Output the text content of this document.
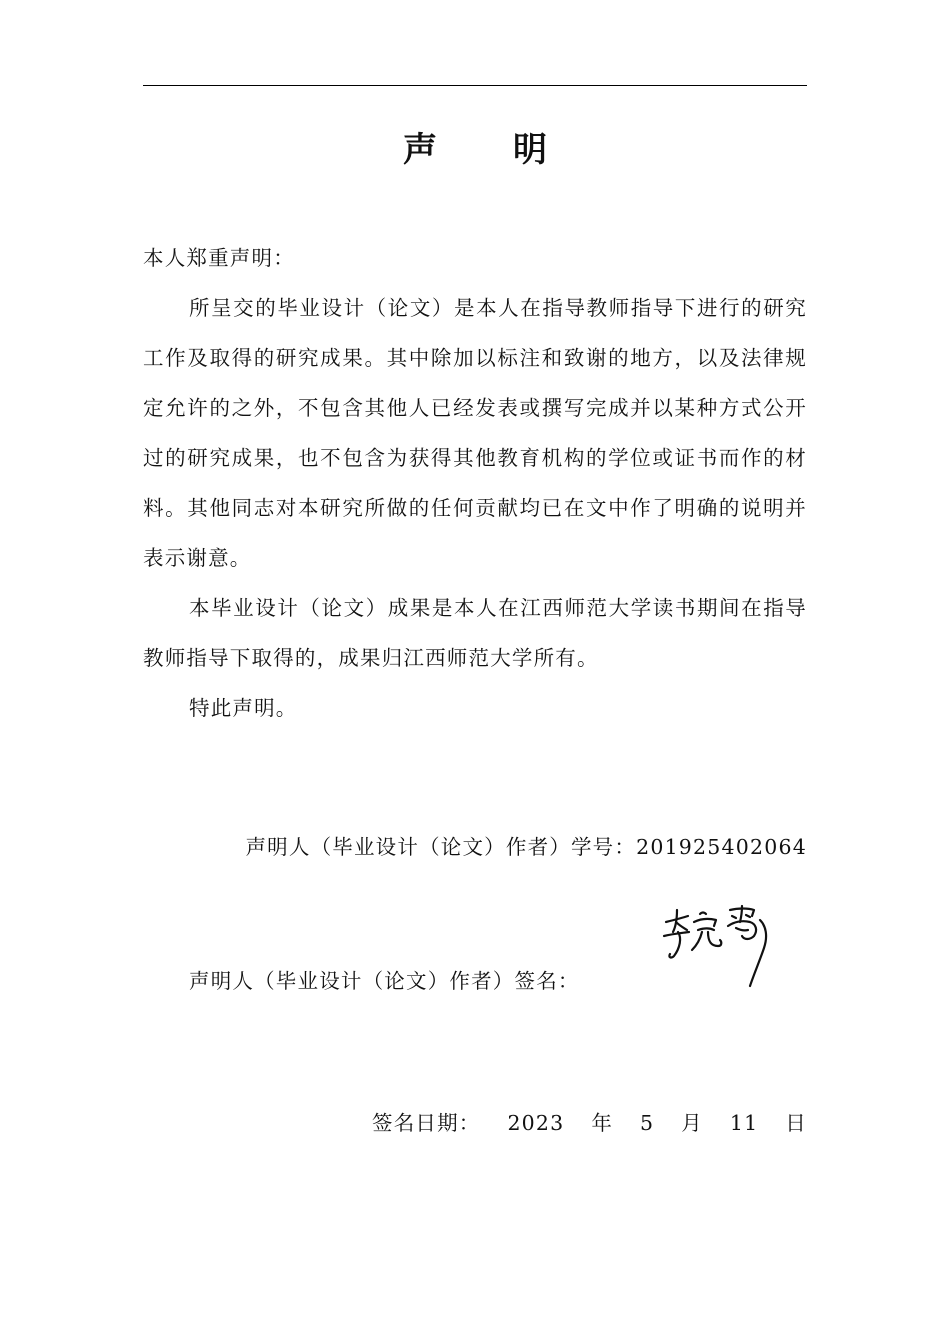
声明

本人郑重声明：

所呈交的毕业设计（论文）是本人在指导教师指导下进行的研究工作及取得的研究成果。其中除加以标注和致谢的地方，以及法律规定允许的之外，不包含其他人已经发表或撰写完成并以某种方式公开过的研究成果，也不包含为获得其他教育机构的学位或证书而作的材料。其他同志对本研究所做的任何贡献均已在文中作了明确的说明并表示谢意。

本毕业设计（论文）成果是本人在江西师范大学读书期间在指导教师指导下取得的，成果归江西师范大学所有。

特此声明。

声明人（毕业设计（论文）作者）学号：201925402064
声明人（毕业设计（论文）作者）签名：
签名日期： 2023 年 5 月 11 日
